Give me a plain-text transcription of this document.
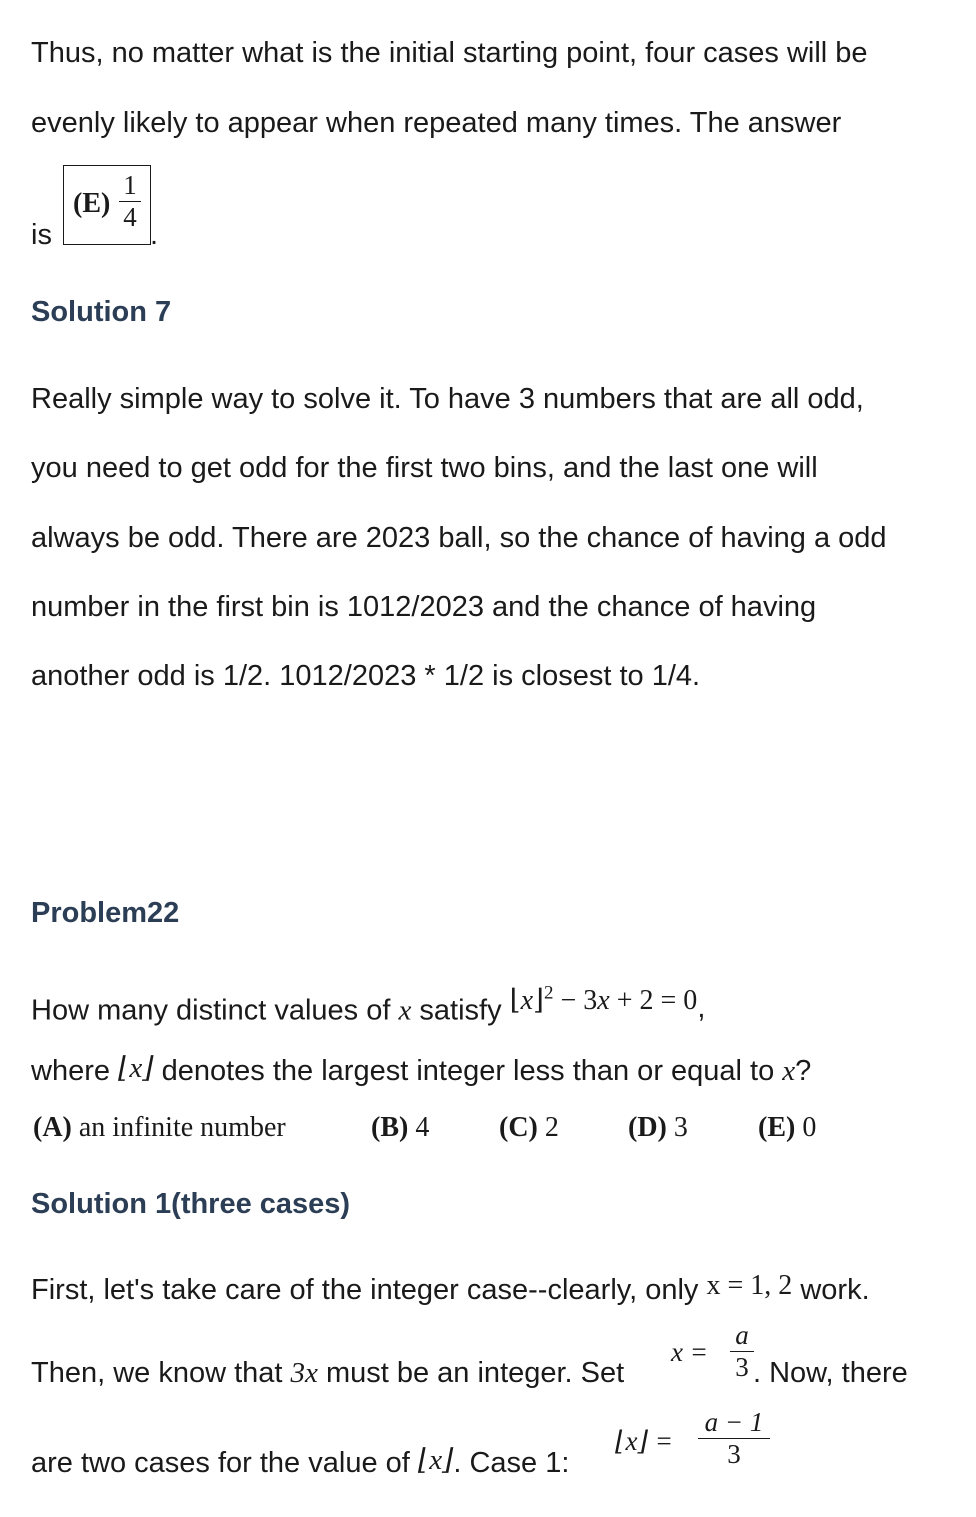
Thus, no matter what is the initial starting point, four cases will be
evenly likely to appear when repeated many times. The answer
is
(E)
1
4
.
Solution 7
Really simple way to solve it. To have 3 numbers that are all odd,
you need to get odd for the first two bins, and the last one will
always be odd. There are 2023 ball, so the chance of having a odd
number in the first bin is 1012/2023 and the chance of having
another odd is 1/2. 1012/2023 * 1/2 is closest to 1/4.
Problem22
How many distinct values of x satisfy ⌊x⌋$^2$ − 3x + 2 = 0,
where ⌊x⌋ denotes the largest integer less than or equal to x?
(A) an infinite number	(B) 4 (C) 2 (D) 3	(E) 0
Solution 1(three cases)
First, let's take care of the integer case--clearly, only x = 1, 2 work.
Then, we know that 3x must be an integer. Set
x =
a
3 . Now, there
are two cases for the value of ⌊x⌋. Case 1:
⌊x⌋ =
a − 1
3
